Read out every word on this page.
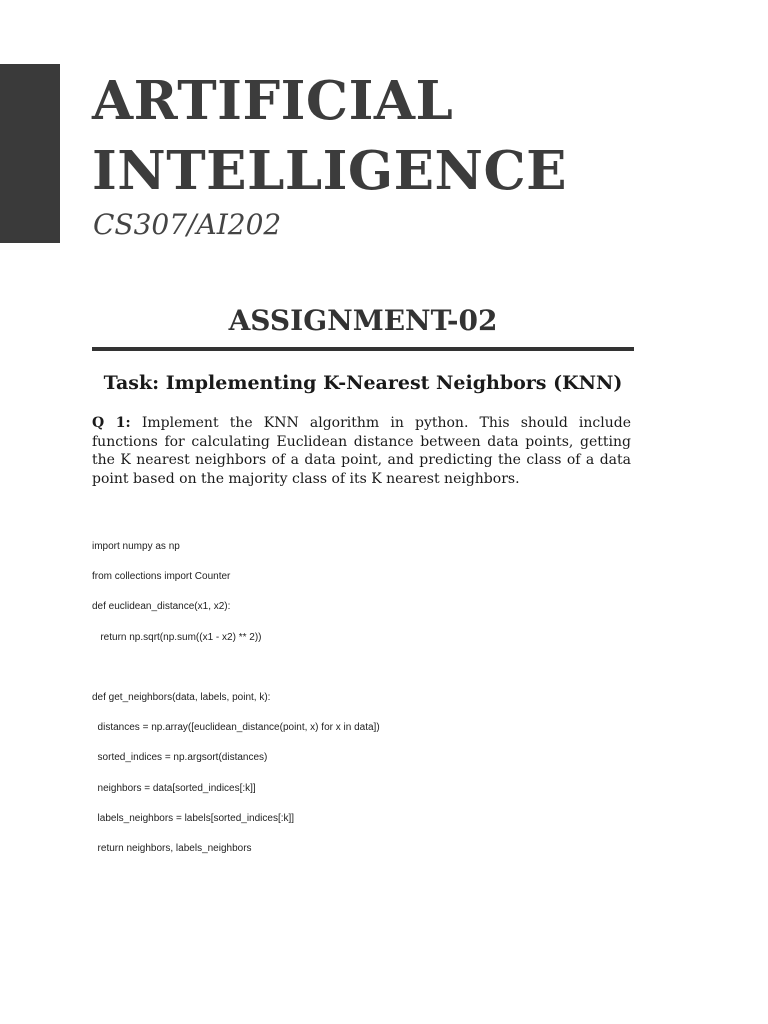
ARTIFICIAL
INTELLIGENCE
CS307/AI202
ASSIGNMENT-02
Task: Implementing K-Nearest Neighbors (KNN)

Q 1: Implement the KNN algorithm in python. This should include functions for calculating Euclidean distance between data points, getting the K nearest neighbors of a data point, and predicting the class of a data point based on the majority class of its K nearest neighbors.

import numpy as np
from collections import Counter
def euclidean_distance(x1, x2):
return np.sqrt(np.sum((x1 - x2) ** 2))
def get_neighbors(data, labels, point, k):
distances = np.array([euclidean_distance(point, x) for x in data])
sorted_indices = np.argsort(distances)
neighbors = data[sorted_indices[:k]]
labels_neighbors = labels[sorted_indices[:k]]
return neighbors, labels_neighbors
